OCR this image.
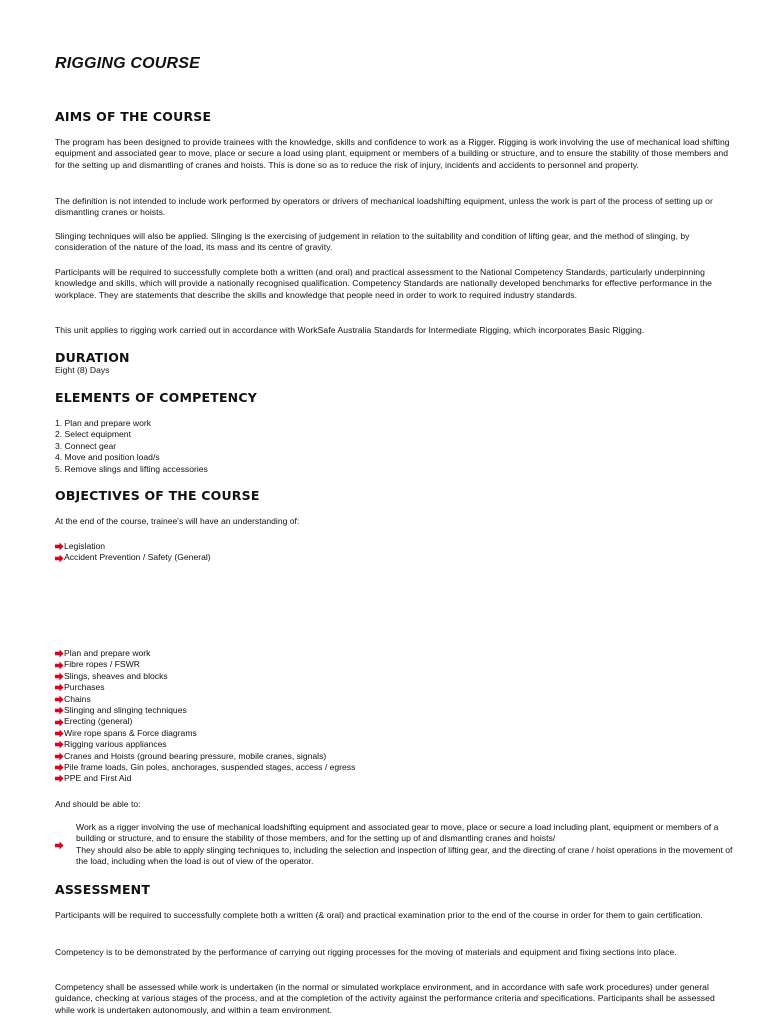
RIGGING COURSE
AIMS OF THE COURSE

The program has been designed to provide trainees with the knowledge, skills and confidence to work as a Rigger. Rigging is work involving the use of mechanical load shifting equipment and associated gear to move, place or secure a load using plant, equipment or members of a building or structure, and to ensure the stability of those members and for the setting up and dismantling of cranes and hoists. This is done so as to reduce the risk of injury, incidents and accidents to personnel and property.

The definition is not intended to include work performed by operators or drivers of mechanical loadshifting equipment, unless the work is part of the process of setting up or dismantling cranes or hoists.

Slinging techniques will also be applied. Slinging is the exercising of judgement in relation to the suitability and condition of lifting gear, and the method of slinging, by consideration of the nature of the load, its mass and its centre of gravity.

Participants will be required to successfully complete both a written (and oral) and practical assessment to the National Competency Standards, particularly underpinning knowledge and skills, which will provide a nationally recognised qualification. Competency Standards are nationally developed benchmarks for effective performance in the workplace. They are statements that describe the skills and knowledge that people need in order to work to required industry standards.

This unit applies to rigging work carried out in accordance with WorkSafe Australia Standards for Intermediate Rigging, which incorporates Basic Rigging.

DURATION

Eight (8) Days

ELEMENTS OF COMPETENCY
1. Plan and prepare work
2. Select equipment
3. Connect gear
4. Move and position load/s
5. Remove slings and lifting accessories
OBJECTIVES OF THE COURSE

At the end of the course, trainee's will have an understanding of:

Legislation
Accident Prevention / Safety (General)
Plan and prepare work
Fibre ropes / FSWR
Slings, sheaves and blocks
Purchases
Chains
Slinging and slinging techniques
Erecting (general)
Wire rope spans & Force diagrams
Rigging various appliances
Cranes and Hoists (ground bearing pressure, mobile cranes, signals)
Pile frame loads, Gin poles, anchorages, suspended stages, access / egress
PPE and First Aid

And should be able to:

Work as a rigger involving the use of mechanical loadshifting equipment and associated gear to move, place or secure a load including plant, equipment or members of a building or structure, and to ensure the stability of those members, and for the setting up of and dismantling cranes and hoists/
They should also be able to apply slinging techniques to, including the selection and inspection of lifting gear, and the directing of crane / hoist operations in the movement of the load, including when the load is out of view of the operator.

ASSESSMENT

Participants will be required to successfully complete both a written (& oral) and practical examination prior to the end of the course in order for them to gain certification.

Competency is to be demonstrated by the performance of carrying out rigging processes for the moving of materials and equipment and fixing sections into place.

Competency shall be assessed while work is undertaken (in the normal or simulated workplace environment, and in accordance with safe work procedures) under general guidance, checking at various stages of the process, and at the completion of the activity against the performance criteria and specifications. Participants shall be assessed while work is undertaken autonomously, and within a team environment.
